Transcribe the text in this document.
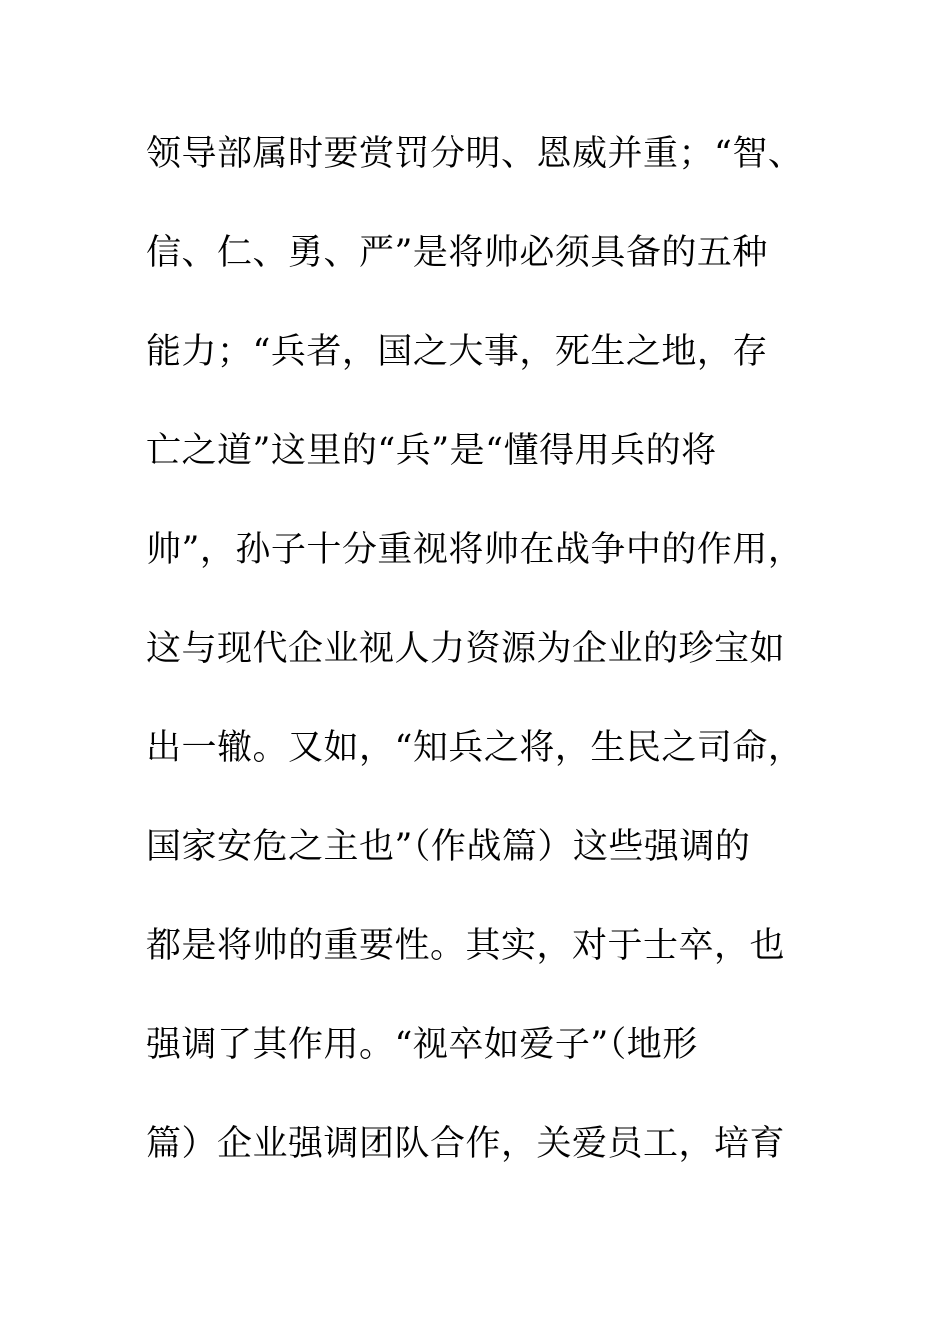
领导部属时要赏罚分明、恩威并重；“智、
信、仁、勇、严”是将帅必须具备的五种
能力；“兵者，国之大事，死生之地，存
亡之道”这里的“兵”是“懂得用兵的将
帅”，孙子十分重视将帅在战争中的作用，
这与现代企业视人力资源为企业的珍宝如
出一辙。又如，“知兵之将，生民之司命，
国家安危之主也”（作战篇）这些强调的
都是将帅的重要性。其实，对于士卒，也
强调了其作用。“视卒如爱子”（地形
篇）企业强调团队合作，关爱员工，培育
